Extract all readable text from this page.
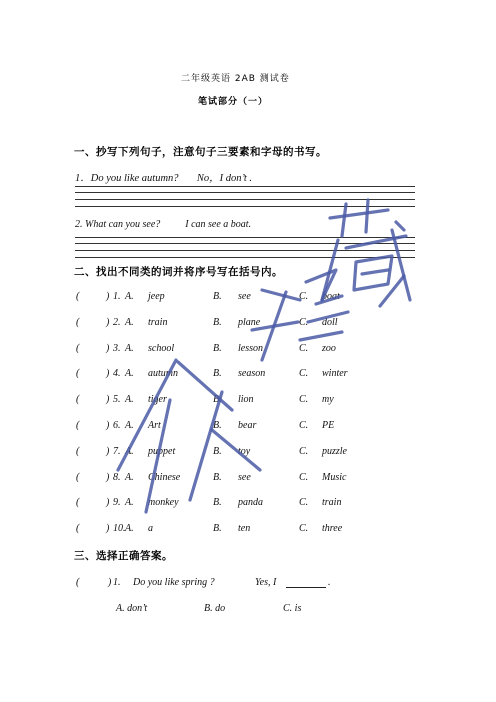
二年级英语 2AB 测试卷
笔试部分（一）
一、抄写下列句子，注意句子三要素和字母的书写。
1．Do you like autumn?       No，I don’t .
2. What can you see?          I can see a boat.
二、找出不同类的词并将序号写在括号内。
(	) 1. A. jeep	B. see	C. boat
(	) 2. A. train	B. plane	C. doll
(	) 3. A. school	B. lesson	C. zoo
(	) 4. A. autumn	B. season	C. winter
(	) 5. A. tiger	B. lion	C. my
(	) 6. A. Art	B. bear	C. PE
(	) 7. A. puppet	B. toy	C. puzzle
(	) 8. A. Chinese	B. see	C. Music
(	) 9. A. monkey	B. panda	C. train
(	) 10. A. a	B. ten	C. three
三、选择正确答案。
(	) 1. Do you like spring ?	Yes, I	.
A. don’t	B. do	C. is
